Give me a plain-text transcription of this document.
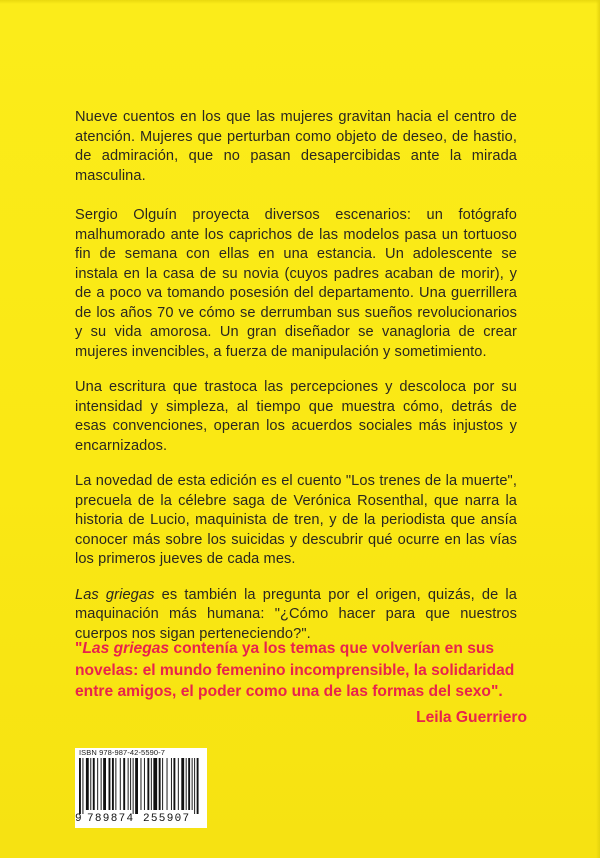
Nueve cuentos en los que las mujeres gravitan hacia el centro de atención. Mujeres que perturban como objeto de deseo, de hastio, de admiración, que no pasan desapercibidas ante la mirada masculina.

Sergio Olguín proyecta diversos escenarios: un fotógrafo malhumorado ante los caprichos de las modelos pasa un tortuoso fin de semana con ellas en una estancia. Un adolescente se instala en la casa de su novia (cuyos padres acaban de morir), y de a poco va tomando posesión del departamento. Una guerrillera de los años 70 ve cómo se derrumban sus sueños revolucionarios y su vida amorosa. Un gran diseñador se vanagloria de crear mujeres invencibles, a fuerza de manipulación y sometimiento.

Una escritura que trastoca las percepciones y descoloca por su intensidad y simpleza, al tiempo que muestra cómo, detrás de esas convenciones, operan los acuerdos sociales más injustos y encarnizados.

La novedad de esta edición es el cuento "Los trenes de la muerte", precuela de la célebre saga de Verónica Rosenthal, que narra la historia de Lucio, maquinista de tren, y de la periodista que ansía conocer más sobre los suicidas y descubrir qué ocurre en las vías los primeros jueves de cada mes.

Las griegas es también la pregunta por el origen, quizás, de la maquinación más humana: "¿Cómo hacer para que nuestros cuerpos nos sigan perteneciendo?".

"Las griegas contenía ya los temas que volverían en sus novelas: el mundo femenino incomprensible, la solidaridad entre amigos, el poder como una de las formas del sexo".

Leila Guerriero
ISBN 978-987-42-5590-7
9 789874 255907
